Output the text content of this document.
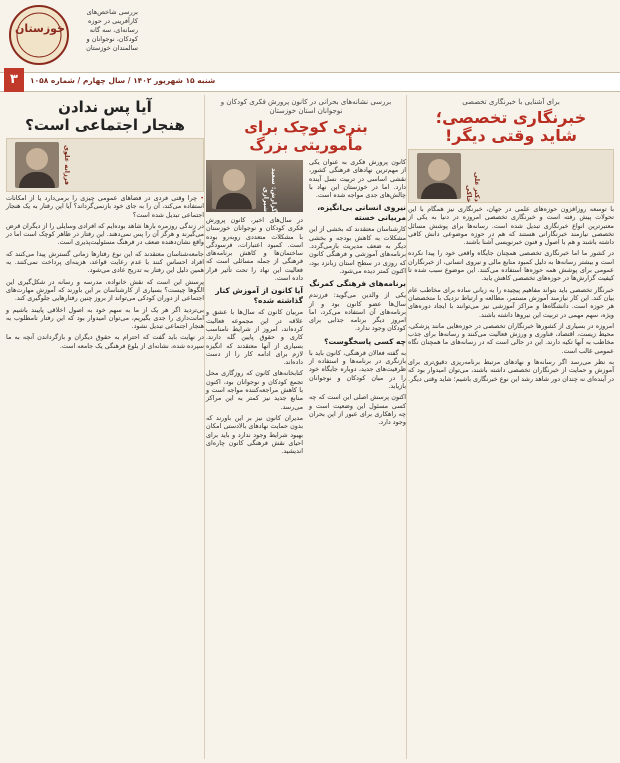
خوزستان
بررسی شاخص‌های کارآفرینی در حوزه رسانه‌ای، سه گانه کودکان، نوجوانان و سالمندان خوزستان
شنبه ۱۵ شهریور ۱۴۰۲ / سال چهارم / شماره ۱۰۵۸
۳
برای آشنایی با خبرنگاری تخصصی
خبرنگاری تخصصی؛
شاید وقتی دیگر!
دکتر علی خاکی

با توسعه روزافزون حوزه‌های علمی در جهان، خبرنگاری نیز همگام با این تحولات پیش رفته است و خبرنگاری تخصصی امروزه در دنیا به یکی از معتبرترین انواع خبرنگاری تبدیل شده است. رسانه‌ها برای پوشش مسائل تخصصی نیازمند خبرنگارانی هستند که هم در حوزه موضوعی دانش کافی داشته باشند و هم با اصول و فنون خبرنویسی آشنا باشند.

در کشور ما اما خبرنگاری تخصصی همچنان جایگاه واقعی خود را پیدا نکرده است و بیشتر رسانه‌ها به دلیل کمبود منابع مالی و نیروی انسانی، از خبرنگاران عمومی برای پوشش همه حوزه‌ها استفاده می‌کنند. این موضوع سبب شده تا کیفیت گزارش‌ها در حوزه‌های تخصصی کاهش یابد.

خبرنگار تخصصی باید بتواند مفاهیم پیچیده را به زبانی ساده برای مخاطب عام بیان کند. این کار نیازمند آموزش مستمر، مطالعه و ارتباط نزدیک با متخصصان هر حوزه است. دانشگاه‌ها و مراکز آموزشی نیز می‌توانند با ایجاد دوره‌های ویژه، سهم مهمی در تربیت این نیروها داشته باشند.

امروزه در بسیاری از کشورها خبرنگاران تخصصی در حوزه‌هایی مانند پزشکی، محیط زیست، اقتصاد، فناوری و ورزش فعالیت می‌کنند و رسانه‌ها برای جذب مخاطب به آنها تکیه دارند. این در حالی است که در رسانه‌های ما همچنان نگاه عمومی غالب است.

به نظر می‌رسد اگر رسانه‌ها و نهادهای مرتبط برنامه‌ریزی دقیق‌تری برای آموزش و حمایت از خبرنگاران تخصصی داشته باشند، می‌توان امیدوار بود که در آینده‌ای نه چندان دور شاهد رشد این نوع خبرنگاری باشیم؛ شاید وقتی دیگر.

بررسی نشانه‌های بحرانی در کانون پرورش فکری کودکان و نوجوانان استان خوزستان
بنری کوچک برای
مأموریتی بزرگ

کانون پرورش فکری به عنوان یکی از مهم‌ترین نهادهای فرهنگی کشور، نقشی اساسی در تربیت نسل آینده دارد. اما در خوزستان این نهاد با چالش‌های جدی مواجه شده است.

نیروی انسانی بی‌انگیزه، مربیانی خسته

کارشناسان معتقدند که بخشی از این مشکلات به کاهش بودجه و بخشی دیگر به ضعف مدیریت بازمی‌گردد. برنامه‌های آموزشی و فرهنگی کانون که روزی در سطح استان زبانزد بود، اکنون کمتر دیده می‌شود.

برنامه‌های فرهنگی کمرنگ

یکی از والدین می‌گوید: فرزندم سال‌ها عضو کانون بود و از برنامه‌های آن استفاده می‌کرد، اما امروز دیگر برنامه جذابی برای کودکان وجود ندارد.

چه کسی پاسخگوست؟

به گفته فعالان فرهنگی، کانون باید با بازنگری در برنامه‌ها و استفاده از ظرفیت‌های جدید، دوباره جایگاه خود را در میان کودکان و نوجوانان بازیابد.

اکنون پرسش اصلی این است که چه کسی مسئول این وضعیت است و چه راهکاری برای عبور از این بحران وجود دارد.

گزارش: سعید شیرازی

در سال‌های اخیر، کانون پرورش فکری کودکان و نوجوانان خوزستان با مشکلات متعددی روبه‌رو بوده است. کمبود اعتبارات، فرسودگی ساختمان‌ها و کاهش برنامه‌های فرهنگی از جمله مسائلی است که فعالیت این نهاد را تحت تأثیر قرار داده است.

آیا کانون از آموزش کنار گذاشته شده؟

مربیان کانون که سال‌ها با عشق و علاقه در این مجموعه فعالیت کرده‌اند، امروز از شرایط نامناسب کاری و حقوق پایین گله دارند. بسیاری از آنها معتقدند که انگیزه لازم برای ادامه کار را از دست داده‌اند.

کتابخانه‌های کانون که روزگاری محل تجمع کودکان و نوجوانان بود، اکنون با کاهش مراجعه‌کننده مواجه است و منابع جدید نیز کمتر به این مراکز می‌رسد.

مدیران کانون نیز بر این باورند که بدون حمایت نهادهای بالادستی امکان بهبود شرایط وجود ندارد و باید برای احیای نقش فرهنگی کانون چاره‌ای اندیشید.

آیا پس ندادن
هنجار اجتماعی است؟
فرزانه علوی

• چرا وقتی فردی در فضاهای عمومی چیزی را برمی‌دارد یا از امکانات استفاده می‌کند، آن را به جای خود بازنمی‌گرداند؟ آیا این رفتار به یک هنجار اجتماعی تبدیل شده است؟

در زندگی روزمره بارها شاهد بوده‌ایم که افرادی وسایلی را از دیگران قرض می‌گیرند و هرگز آن را پس نمی‌دهند. این رفتار در ظاهر کوچک است اما در واقع نشان‌دهنده ضعف در فرهنگ مسئولیت‌پذیری است.

جامعه‌شناسان معتقدند که این نوع رفتارها زمانی گسترش پیدا می‌کنند که افراد احساس کنند با عدم رعایت قواعد، هزینه‌ای پرداخت نمی‌کنند. به همین دلیل این رفتار به تدریج عادی می‌شود.

پرسش این است که نقش خانواده، مدرسه و رسانه در شکل‌گیری این الگوها چیست؟ بسیاری از کارشناسان بر این باورند که آموزش مهارت‌های اجتماعی از دوران کودکی می‌تواند از بروز چنین رفتارهایی جلوگیری کند.

بی‌تردید اگر هر یک از ما به سهم خود به اصول اخلاقی پایبند باشیم و امانت‌داری را جدی بگیریم، می‌توان امیدوار بود که این رفتار نامطلوب به هنجار اجتماعی تبدیل نشود.

در نهایت باید گفت که احترام به حقوق دیگران و بازگرداندن آنچه به ما سپرده شده، نشانه‌ای از بلوغ فرهنگی یک جامعه است.
